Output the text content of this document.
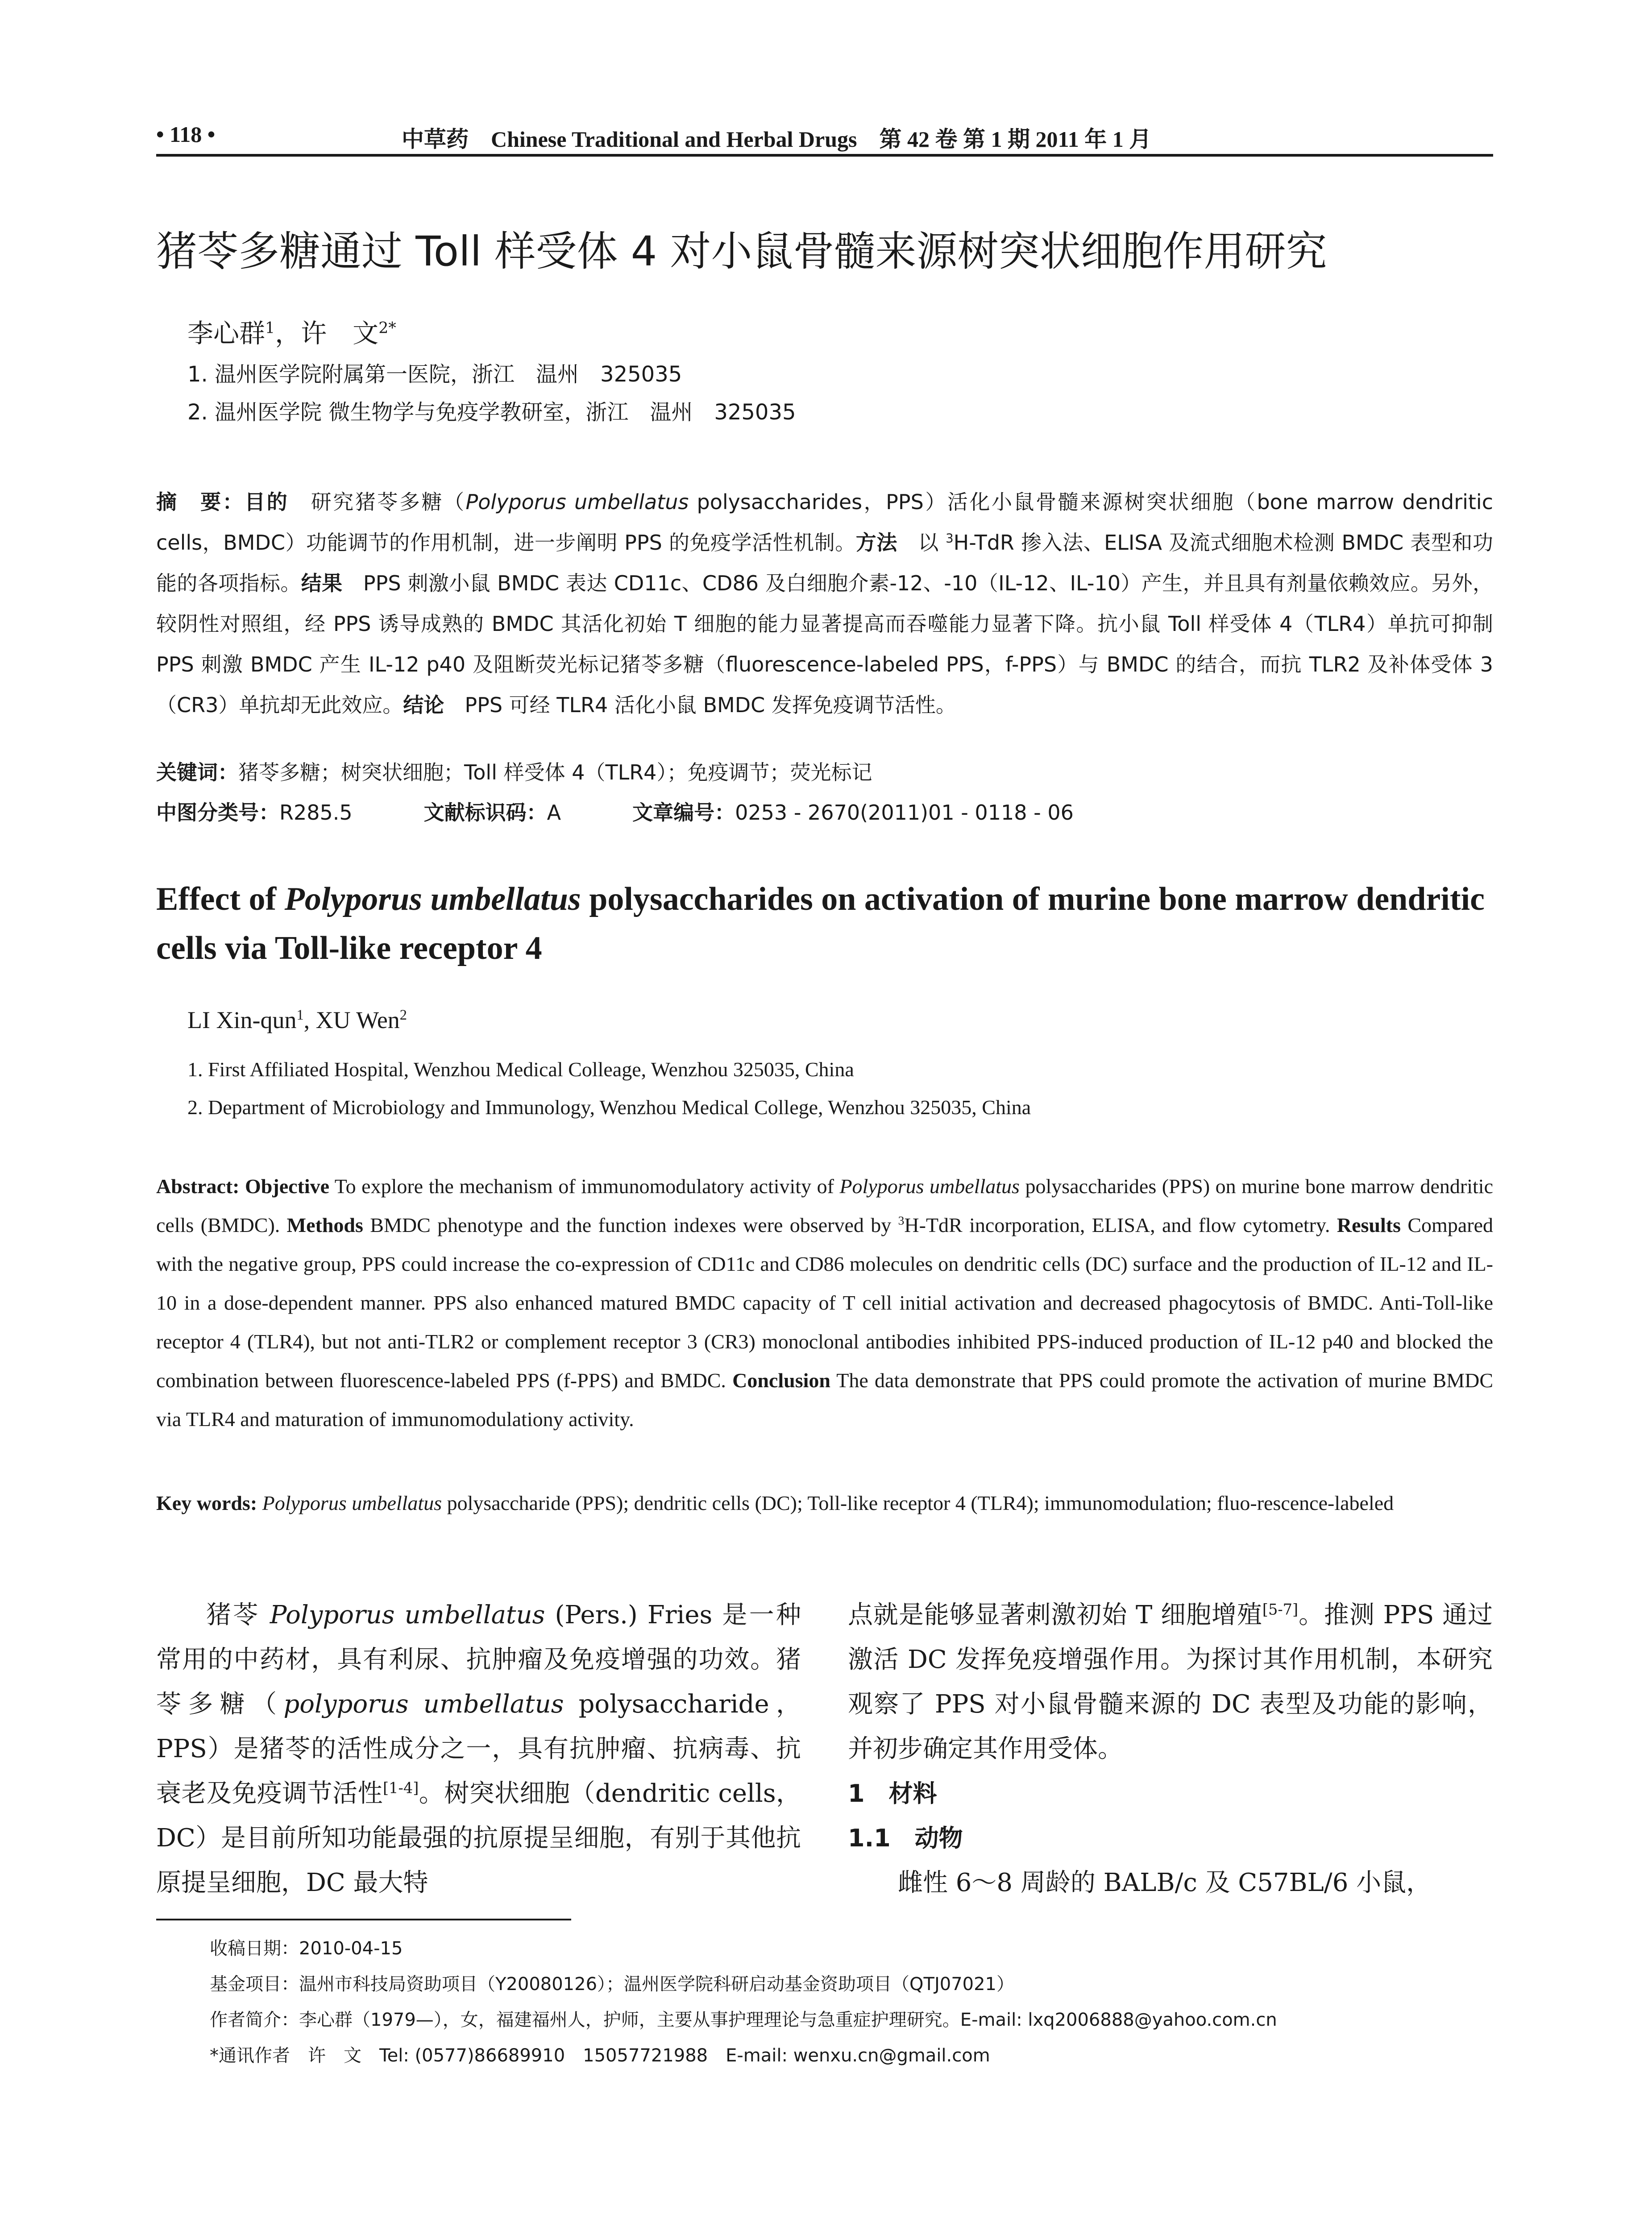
• 118 •	中草药　Chinese Traditional and Herbal Drugs　第 42 卷 第 1 期 2011 年 1 月
猪苓多糖通过 Toll 样受体 4 对小鼠骨髓来源树突状细胞作用研究
李心群$^1$，许　文$^{2*}$
1. 温州医学院附属第一医院，浙江　温州　325035
2. 温州医学院 微生物学与免疫学教研室，浙江　温州　325035
摘　要：目的　研究猪苓多糖（Polyporus umbellatus polysaccharides，PPS）活化小鼠骨髓来源树突状细胞（bone marrow dendritic cells，BMDC）功能调节的作用机制，进一步阐明 PPS 的免疫学活性机制。方法　以 $^3$H-TdR 掺入法、ELISA 及流式细胞术检测 BMDC 表型和功能的各项指标。结果　PPS 刺激小鼠 BMDC 表达 CD11c、CD86 及白细胞介素-12、-10（IL-12、IL-10）产生，并且具有剂量依赖效应。另外，较阴性对照组，经 PPS 诱导成熟的 BMDC 其活化初始 T 细胞的能力显著提高而吞噬能力显著下降。抗小鼠 Toll 样受体 4（TLR4）单抗可抑制 PPS 刺激 BMDC 产生 IL-12 p40 及阻断荧光标记猪苓多糖（fluorescence-labeled PPS，f-PPS）与 BMDC 的结合，而抗 TLR2 及补体受体 3（CR3）单抗却无此效应。结论　PPS 可经 TLR4 活化小鼠 BMDC 发挥免疫调节活性。
关键词：猪苓多糖；树突状细胞；Toll 样受体 4（TLR4）；免疫调节；荧光标记
中图分类号：R285.5	文献标识码：A	文章编号：0253 - 2670(2011)01 - 0118 - 06
Effect of Polyporus umbellatus polysaccharides on activation of murine bone marrow dendritic cells via Toll-like receptor 4
LI Xin-qun$^1$, XU Wen$^2$
1. First Affiliated Hospital, Wenzhou Medical Colleage, Wenzhou 325035, China
2. Department of Microbiology and Immunology, Wenzhou Medical College, Wenzhou 325035, China
Abstract: Objective To explore the mechanism of immunomodulatory activity of Polyporus umbellatus polysaccharides (PPS) on murine bone marrow dendritic cells (BMDC). Methods BMDC phenotype and the function indexes were observed by $^3$H-TdR incorporation, ELISA, and flow cytometry. Results Compared with the negative group, PPS could increase the co-expression of CD11c and CD86 molecules on dendritic cells (DC) surface and the production of IL-12 and IL-10 in a dose-dependent manner. PPS also enhanced matured BMDC capacity of T cell initial activation and decreased phagocytosis of BMDC. Anti-Toll-like receptor 4 (TLR4), but not anti-TLR2 or complement receptor 3 (CR3) monoclonal antibodies inhibited PPS-induced production of IL-12 p40 and blocked the combination between fluorescence-labeled PPS (f-PPS) and BMDC. Conclusion The data demonstrate that PPS could promote the activation of murine BMDC via TLR4 and maturation of immunomodulationy activity.
Key words: Polyporus umbellatus polysaccharide (PPS); dendritic cells (DC); Toll-like receptor 4 (TLR4); immunomodulation; fluo-rescence-labeled

猪苓 Polyporus umbellatus (Pers.) Fries 是一种常用的中药材，具有利尿、抗肿瘤及免疫增强的功效。猪苓多糖（polyporus umbellatus polysaccharide，PPS）是猪苓的活性成分之一，具有抗肿瘤、抗病毒、抗衰老及免疫调节活性[1-4]。树突状细胞（dendritic cells，DC）是目前所知功能最强的抗原提呈细胞，有别于其他抗原提呈细胞，DC 最大特

点就是能够显著刺激初始 T 细胞增殖[5-7]。推测 PPS 通过激活 DC 发挥免疫增强作用。为探讨其作用机制，本研究观察了 PPS 对小鼠骨髓来源的 DC 表型及功能的影响，并初步确定其作用受体。

1　材料
1.1　动物

雌性 6～8 周龄的 BALB/c 及 C57BL/6 小鼠，

收稿日期：2010-04-15
基金项目：温州市科技局资助项目（Y20080126）；温州医学院科研启动基金资助项目（QTJ07021）
作者简介：李心群（1979—），女，福建福州人，护师，主要从事护理理论与急重症护理研究。E-mail: lxq2006888@yahoo.com.cn
*通讯作者　许　文　Tel: (0577)86689910　15057721988　E-mail: wenxu.cn@gmail.com
